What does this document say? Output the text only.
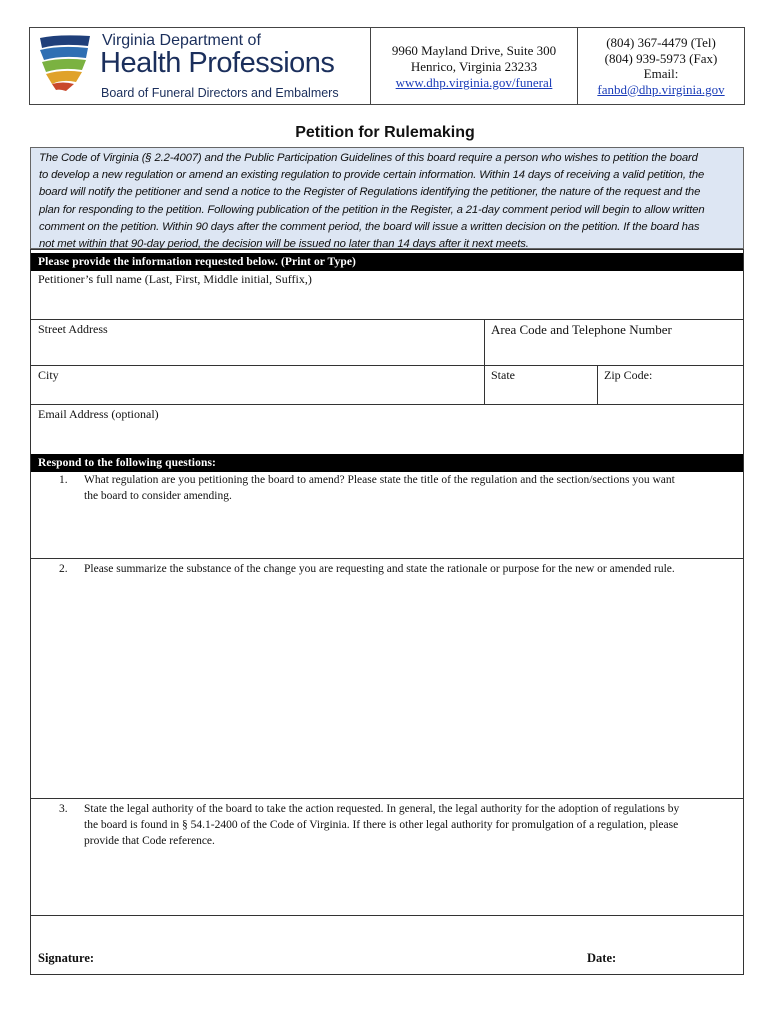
Virginia Department of
Health Professions
Board of Funeral Directors and Embalmers
9960 Mayland Drive, Suite 300
Henrico, Virginia 23233
www.dhp.virginia.gov/funeral
(804) 367-4479 (Tel)
(804) 939-5973 (Fax)
Email:
fanbd@dhp.virginia.gov
Petition for Rulemaking
The Code of Virginia (§ 2.2-4007) and the Public Participation Guidelines of this board require a person who wishes to petition the board
to develop a new regulation or amend an existing regulation to provide certain information. Within 14 days of receiving a valid petition, the
board will notify the petitioner and send a notice to the Register of Regulations identifying the petitioner, the nature of the request and the
plan for responding to the petition. Following publication of the petition in the Register, a 21-day comment period will begin to allow written
comment on the petition. Within 90 days after the comment period, the board will issue a written decision on the petition. If the board has
not met within that 90-day period, the decision will be issued no later than 14 days after it next meets.
Please provide the information requested below. (Print or Type)
Petitioner’s full name (Last, First, Middle initial, Suffix,)
Street Address	Area Code and Telephone Number
City	State	Zip Code:
Email Address (optional)
Respond to the following questions:
1. What regulation are you petitioning the board to amend? Please state the title of the regulation and the section/sections you want
the board to consider amending.
2. Please summarize the substance of the change you are requesting and state the rationale or purpose for the new or amended rule.
3. State the legal authority of the board to take the action requested. In general, the legal authority for the adoption of regulations by
the board is found in § 54.1-2400 of the Code of Virginia. If there is other legal authority for promulgation of a regulation, please
provide that Code reference.
Signature:	Date:
